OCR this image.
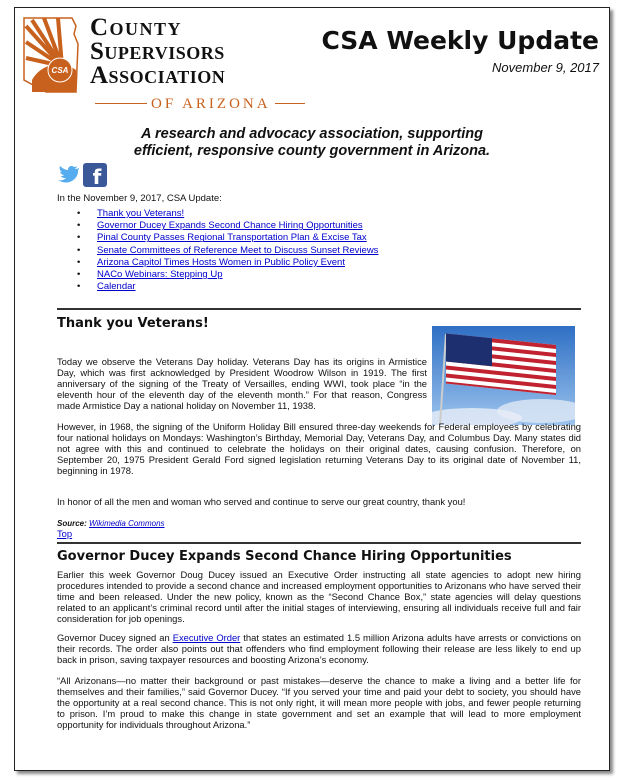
CSA
County
Supervisors
Association
OF ARIZONA
CSA Weekly Update
November 9, 2017
A research and advocacy association, supporting
efficient, responsive county government in Arizona.
f
In the November 9, 2017, CSA Update:
• Thank you Veterans!
• Governor Ducey Expands Second Chance Hiring Opportunities
• Pinal County Passes Regional Transportation Plan & Excise Tax
• Senate Committees of Reference Meet to Discuss Sunset Reviews
• Arizona Capitol Times Hosts Women in Public Policy Event
• NACo Webinars: Stepping Up
• Calendar
Thank you Veterans!

Today we observe the Veterans Day holiday. Veterans Day has its origins in Armistice Day, which was first acknowledged by President Woodrow Wilson in 1919. The first anniversary of the signing of the Treaty of Versailles, ending WWI, took place “in the eleventh hour of the eleventh day of the eleventh month.” For that reason, Congress made Armistice Day a national holiday on November 11, 1938.

However, in 1968, the signing of the Uniform Holiday Bill ensured three-day weekends for Federal employees by celebrating four national holidays on Mondays: Washington’s Birthday, Memorial Day, Veterans Day, and Columbus Day. Many states did not agree with this and continued to celebrate the holidays on their original dates, causing confusion. Therefore, on September 20, 1975 President Gerald Ford signed legislation returning Veterans Day to its original date of November 11, beginning in 1978.

In honor of all the men and woman who served and continue to serve our great country, thank you!

Source: Wikimedia Commons
Top
Governor Ducey Expands Second Chance Hiring Opportunities

Earlier this week Governor Doug Ducey issued an Executive Order instructing all state agencies to adopt new hiring procedures intended to provide a second chance and increased employment opportunities to Arizonans who have served their time and been released. Under the new policy, known as the “Second Chance Box,” state agencies will delay questions related to an applicant’s criminal record until after the initial stages of interviewing, ensuring all individuals receive full and fair consideration for job openings.

Governor Ducey signed an Executive Order that states an estimated 1.5 million Arizona adults have arrests or convictions on their records. The order also points out that offenders who find employment following their release are less likely to end up back in prison, saving taxpayer resources and boosting Arizona’s economy.

“All Arizonans—no matter their background or past mistakes—deserve the chance to make a living and a better life for themselves and their families,” said Governor Ducey. “If you served your time and paid your debt to society, you should have the opportunity at a real second chance. This is not only right, it will mean more people with jobs, and fewer people returning to prison. I’m proud to make this change in state government and set an example that will lead to more employment opportunity for individuals throughout Arizona.”
